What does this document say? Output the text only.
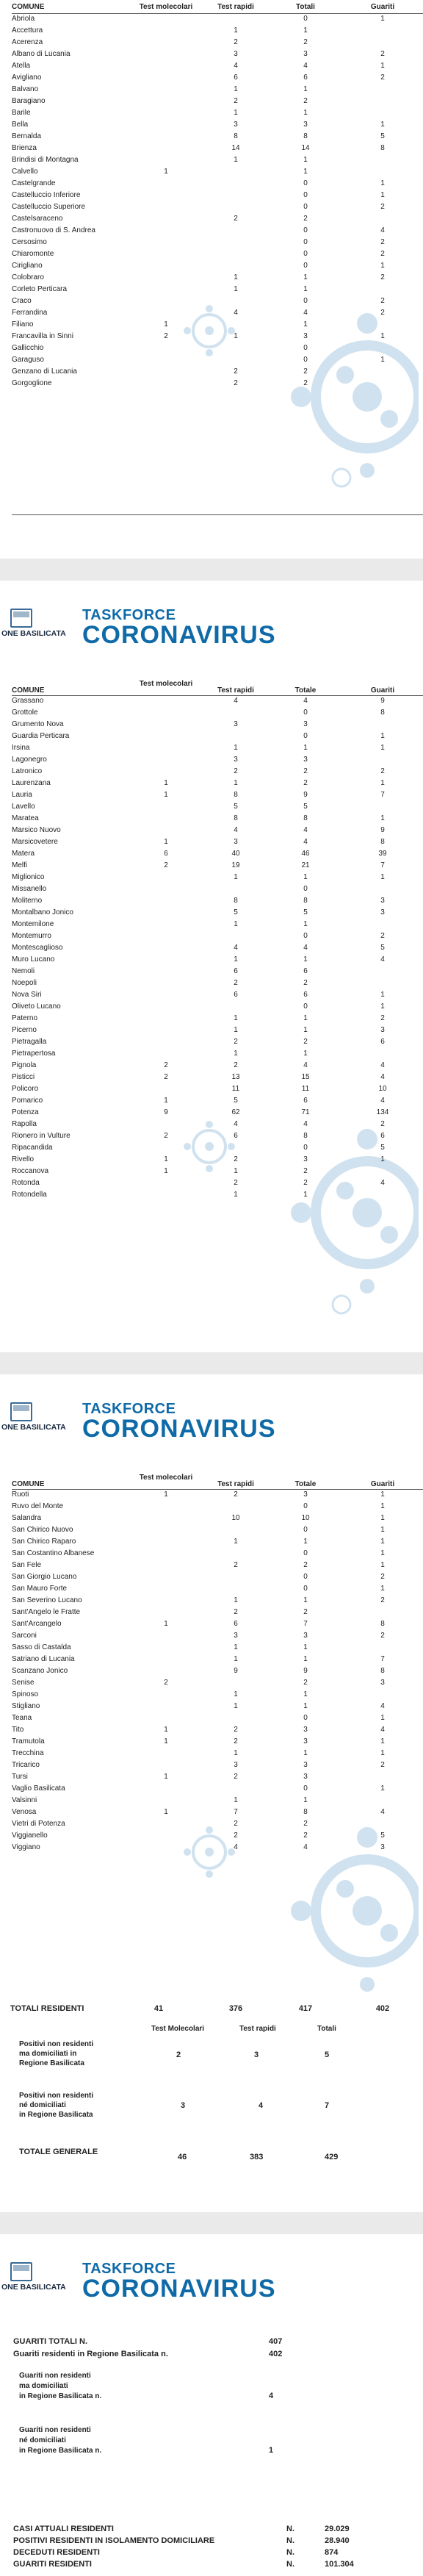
COMUNE	Test molecolari	Test rapidi	Totali	Guariti
Abriola			0	1
Accettura		1	1	
Acerenza		2	2	
Albano di Lucania		3	3	2
Atella		4	4	1
Avigliano		6	6	2
Balvano		1	1	
Baragiano		2	2	
Barile		1	1	
Bella		3	3	1
Bernalda		8	8	5
Brienza		14	14	8
Brindisi di Montagna		1	1	
Calvello	1		1	
Castelgrande			0	1
Castelluccio Inferiore			0	1
Castelluccio Superiore			0	2
Castelsaraceno		2	2	
Castronuovo di S. Andrea			0	4
Cersosimo			0	2
Chiaromonte			0	2
Cirigliano			0	1
Colobraro		1	1	2
Corleto Perticara		1	1	
Craco			0	2
Ferrandina		4	4	2
Filiano	1		1	
Francavilla in Sinni	2	1	3	1
Gallicchio			0	
Garaguso			0	1
Genzano di Lucania		2	2	
Gorgoglione		2	2	
ONE BASILICATA
TASKFORCE
CORONAVIRUS
COMUNE	Test molecolari	Test rapidi	Totale	Guariti
Grassano		4	4	9
Grottole			0	8
Grumento Nova		3	3	
Guardia Perticara			0	1
Irsina		1	1	1
Lagonegro		3	3	
Latronico		2	2	2
Laurenzana	1	1	2	1
Lauria	1	8	9	7
Lavello		5	5	
Maratea		8	8	1
Marsico Nuovo		4	4	9
Marsicovetere	1	3	4	8
Matera	6	40	46	39
Melfi	2	19	21	7
Miglionico		1	1	1
Missanello			0	
Moliterno		8	8	3
Montalbano Jonico		5	5	3
Montemilone		1	1	
Montemurro			0	2
Montescaglioso		4	4	5
Muro Lucano		1	1	4
Nemoli		6	6	
Noepoli		2	2	
Nova Siri		6	6	1
Oliveto Lucano			0	1
Paterno		1	1	2
Picerno		1	1	3
Pietragalla		2	2	6
Pietrapertosa		1	1	
Pignola	2	2	4	4
Pisticci	2	13	15	4
Policoro		11	11	10
Pomarico	1	5	6	4
Potenza	9	62	71	134
Rapolla		4	4	2
Rionero in Vulture	2	6	8	6
Ripacandida			0	5
Rivello	1	2	3	1
Roccanova	1	1	2	
Rotonda		2	2	4
Rotondella		1	1	
ONE BASILICATA
TASKFORCE
CORONAVIRUS
COMUNE	Test molecolari	Test rapidi	Totale	Guariti
Ruoti	1	2	3	1
Ruvo del Monte			0	1
Salandra		10	10	1
San Chirico Nuovo			0	1
San Chirico Raparo		1	1	1
San Costantino Albanese			0	1
San Fele		2	2	1
San Giorgio Lucano			0	2
San Mauro Forte			0	1
San Severino Lucano		1	1	2
Sant'Angelo le Fratte		2	2	
Sant'Arcangelo	1	6	7	8
Sarconi		3	3	2
Sasso di Castalda		1	1	
Satriano di Lucania		1	1	7
Scanzano Jonico		9	9	8
Senise	2		2	3
Spinoso		1	1	
Stigliano		1	1	4
Teana			0	1
Tito	1	2	3	4
Tramutola	1	2	3	1
Trecchina		1	1	1
Tricarico		3	3	2
Tursi	1	2	3	
Vaglio Basilicata			0	1
Valsinni		1	1	
Venosa	1	7	8	4
Vietri di Potenza		2	2	
Viggianello		2	2	5
Viggiano		4	4	3
TOTALI RESIDENTI	41	376	417	402
Test Molecolari	Test rapidi	Totali
Positivi non residenti
ma domiciliati in
Regione Basilicata
2	3	5
Positivi non residenti
né domiciliati
in Regione Basilicata
3	4	7
TOTALE GENERALE
46	383	429
ONE BASILICATA
TASKFORCE
CORONAVIRUS
GUARITI TOTALI N.	407
Guariti residenti in Regione Basilicata n.	402
Guariti non residenti
ma domiciliati
in Regione Basilicata n.	4
Guariti non residenti
né domiciliati
in Regione Basilicata n.	1
CASI ATTUALI RESIDENTI	N.	29.029
POSITIVI RESIDENTI IN ISOLAMENTO DOMICILIARE	N.	28.940
DECEDUTI RESIDENTI	N.	874
GUARITI RESIDENTI	N.	101.304
